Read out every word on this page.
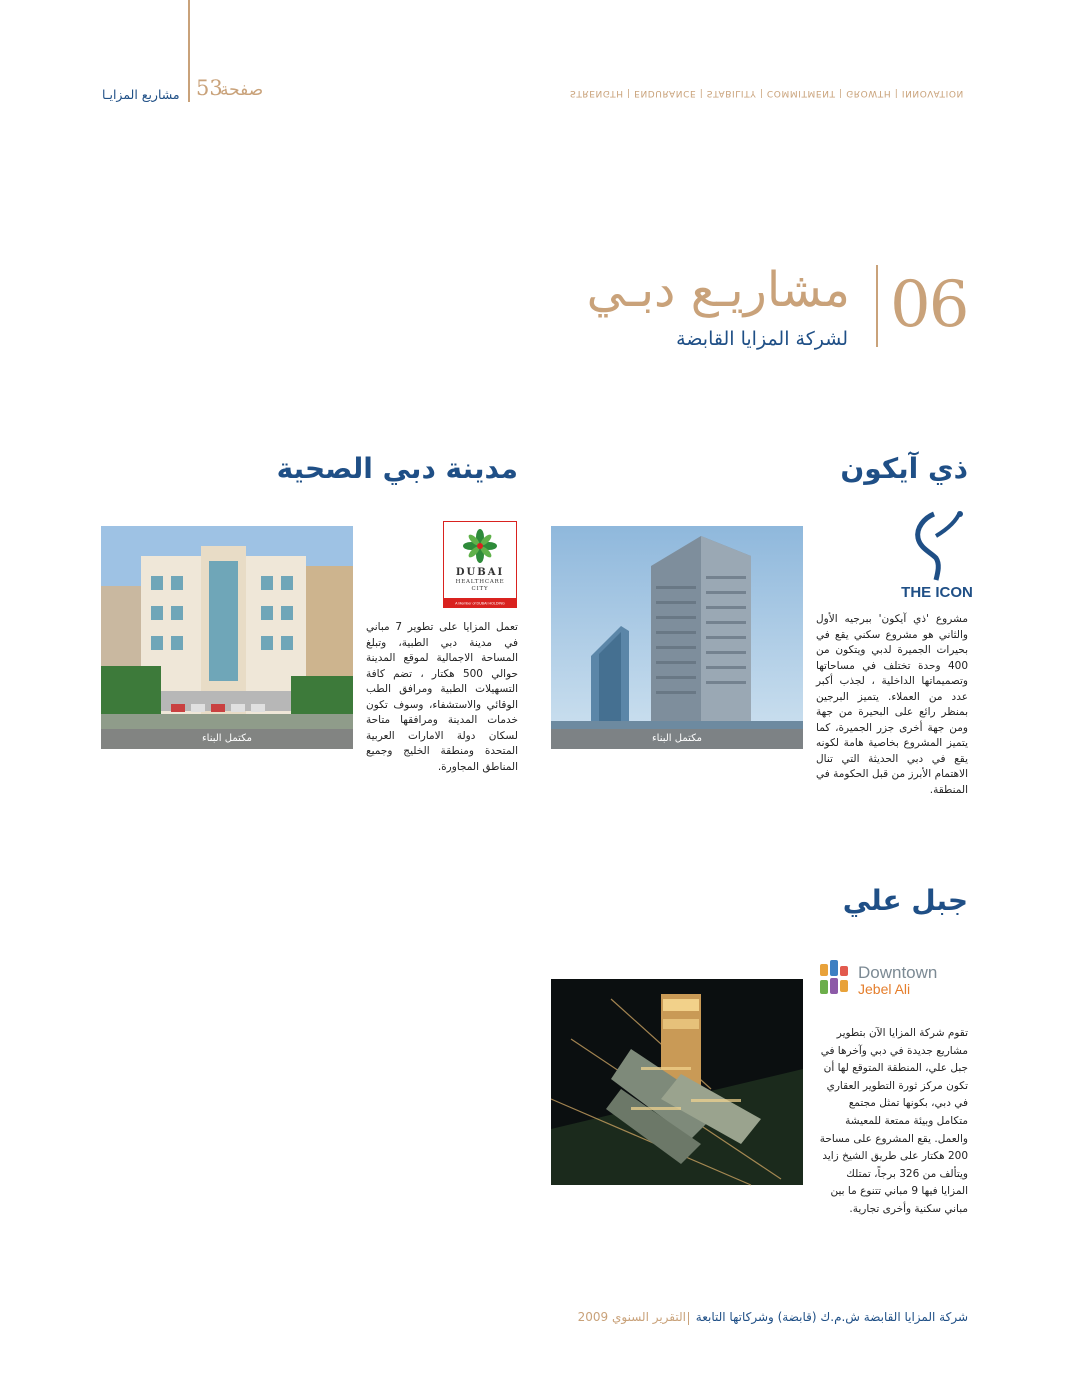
مشاريع المزايـا 53
صفحة	STRENGTH | ENDURANCE | STABILITY | COMMITMENT | GROWTH | INNOVATION
06
مشاريـع دبـي
لشركة المزايا القابضة
ذي آيكون
THE ICON
مكتمل البناء
مشروع 'ذي آيكون' ببرجيه الأول والثاني هو مشروع سكني يقع في بحيرات الجميرة لدبي ويتكون من 400 وحدة تختلف في مساحاتها وتصميماتها الداخلية ، لجذب أكبر عدد من العملاء. يتميز البرجين بمنظر رائع على البحيرة من جهة ومن جهة أخرى جزر الجميرة، كما يتميز المشروع بخاصية هامة لكونه يقع في دبي الحديثة التي تنال الاهتمام الأبرز من قبل الحكومة في المنطقة.
مدينة دبي الصحية
DUBAI
HEALTHCARE
CITY
A Member of DUBAI HOLDING
مكتمل البناء
تعمل المزايا على تطوير 7 مباني في مدينة دبي الطبية، وتبلغ المساحة الاجمالية لموقع المدينة حوالي 500 هكتار ، تضم كافة التسهيلات الطبية ومرافق الطب الوقائي والاستشفاء، وسوف تكون خدمات المدينة ومرافقها متاحة لسكان دولة الامارات العربية المتحدة ومنطقة الخليج وجميع المناطق المجاورة.
جبل علي
Downtown
Jebel Ali
تقوم شركة المزايا الآن بتطوير مشاريع جديدة في دبي وآخرها في جبل علي، المنطقة المتوقع لها أن تكون مركز ثورة التطوير العقاري في دبي، بكونها تمثل مجتمع متكامل وبيئة ممتعة للمعيشة والعمل. يقع المشروع على مساحة 200 هكتار على طريق الشيخ زايد ويتألف من 326 برجاً، تمتلك المزايا فيها 9 مباني تتنوع ما بين مباني سكنية وأخرى تجارية.
شركة المزايا القابضة ش.م.ك (قابضة) وشركاتها التابعة
التقرير السنوي 2009
